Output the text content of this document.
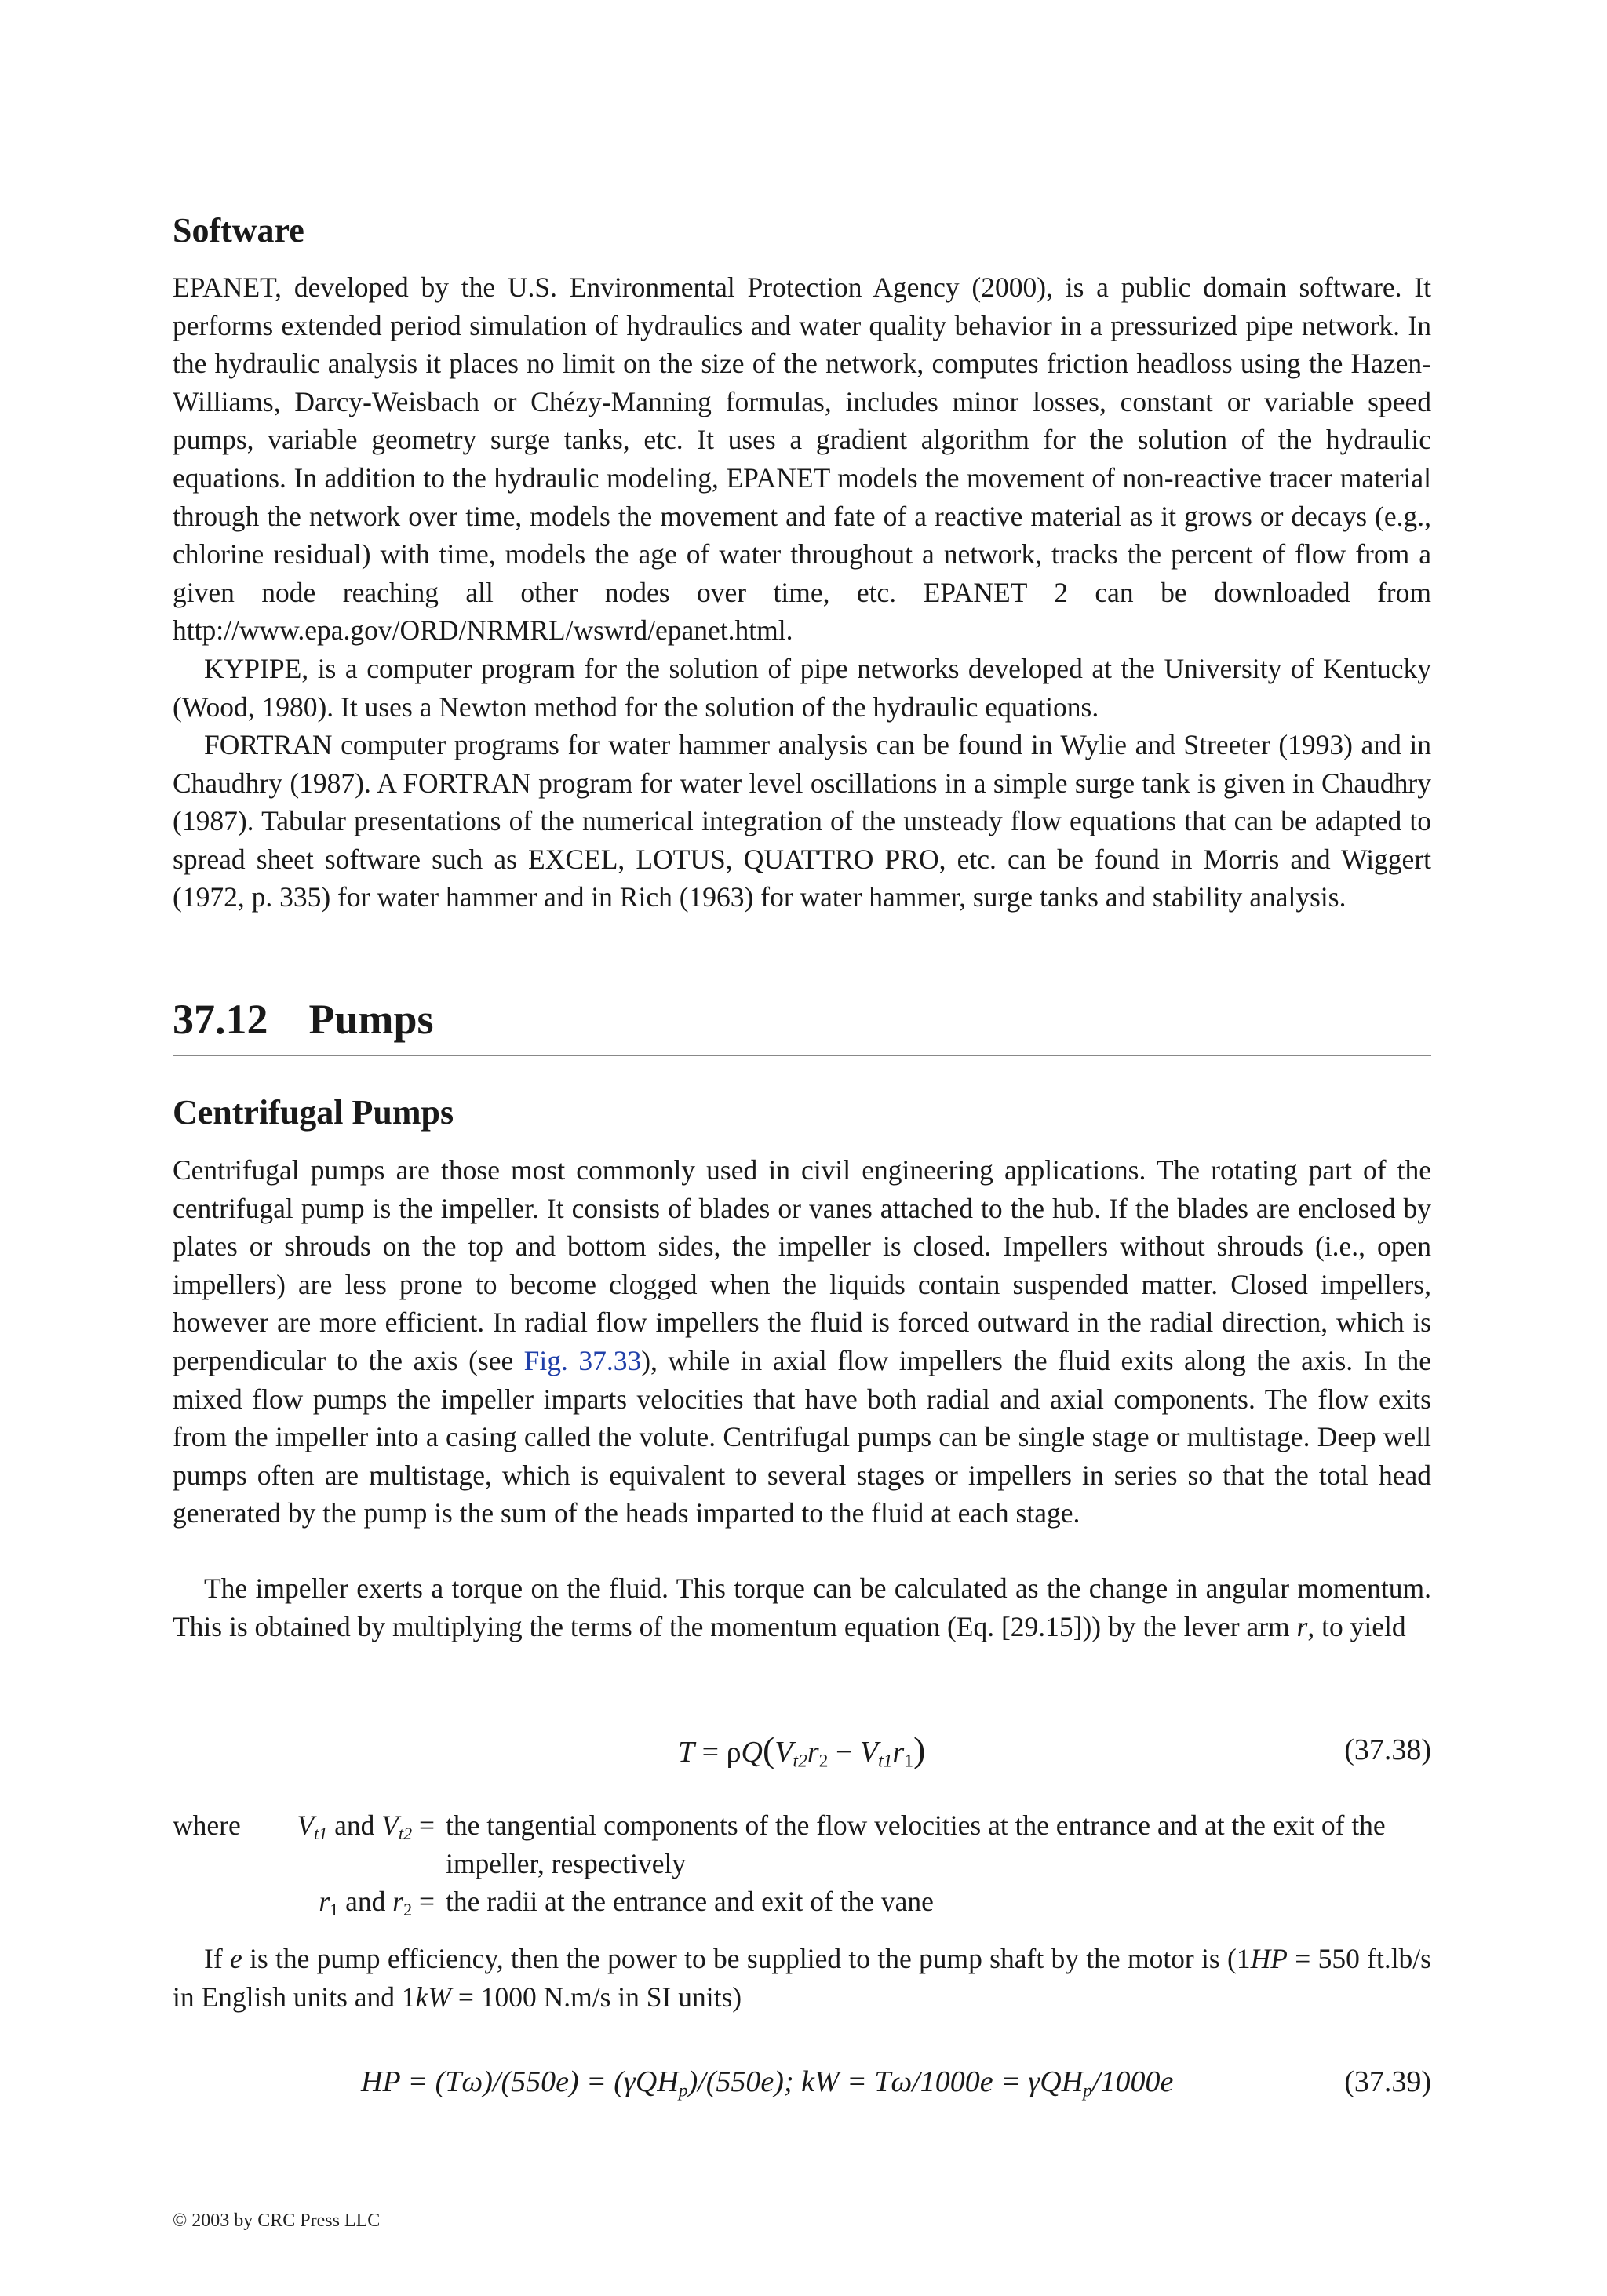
Software

EPANET, developed by the U.S. Environmental Protection Agency (2000), is a public domain software. It performs extended period simulation of hydraulics and water quality behavior in a pressurized pipe network. In the hydraulic analysis it places no limit on the size of the network, computes friction headloss using the Hazen-Williams, Darcy-Weisbach or Chézy-Manning formulas, includes minor losses, constant or variable speed pumps, variable geometry surge tanks, etc. It uses a gradient algorithm for the solution of the hydraulic equations. In addition to the hydraulic modeling, EPANET models the movement of non-reactive tracer material through the network over time, models the movement and fate of a reactive material as it grows or decays (e.g., chlorine residual) with time, models the age of water throughout a network, tracks the percent of flow from a given node reaching all other nodes over time, etc. EPANET 2 can be downloaded from http://www.epa.gov/ORD/NRMRL/wswrd/epanet.html.

KYPIPE, is a computer program for the solution of pipe networks developed at the University of Kentucky (Wood, 1980). It uses a Newton method for the solution of the hydraulic equations.

FORTRAN computer programs for water hammer analysis can be found in Wylie and Streeter (1993) and in Chaudhry (1987). A FORTRAN program for water level oscillations in a simple surge tank is given in Chaudhry (1987). Tabular presentations of the numerical integration of the unsteady flow equations that can be adapted to spread sheet software such as EXCEL, LOTUS, QUATTRO PRO, etc. can be found in Morris and Wiggert (1972, p. 335) for water hammer and in Rich (1963) for water hammer, surge tanks and stability analysis.

37.12 Pumps
Centrifugal Pumps

Centrifugal pumps are those most commonly used in civil engineering applications. The rotating part of the centrifugal pump is the impeller. It consists of blades or vanes attached to the hub. If the blades are enclosed by plates or shrouds on the top and bottom sides, the impeller is closed. Impellers without shrouds (i.e., open impellers) are less prone to become clogged when the liquids contain suspended matter. Closed impellers, however are more efficient. In radial flow impellers the fluid is forced outward in the radial direction, which is perpendicular to the axis (see Fig. 37.33), while in axial flow impellers the fluid exits along the axis. In the mixed flow pumps the impeller imparts velocities that have both radial and axial components. The flow exits from the impeller into a casing called the volute. Centrifugal pumps can be single stage or multistage. Deep well pumps often are multistage, which is equivalent to several stages or impellers in series so that the total head generated by the pump is the sum of the heads imparted to the fluid at each stage.

The impeller exerts a torque on the fluid. This torque can be calculated as the change in angular momentum. This is obtained by multiplying the terms of the momentum equation (Eq. [29.15])) by the lever arm r, to yield

$T = \rho Q(V_{t2}r_2 - V_{t1}r_1)$	(37.38)
where $V_{t1}$ and $V_{t2}$ = the tangential components of the flow velocities at the entrance and at the exit of the impeller, respectively
$r_1$ and $r_2$ = the radii at the entrance and exit of the vane

If e is the pump efficiency, then the power to be supplied to the pump shaft by the motor is (1HP = 550 ft.lb/s in English units and 1kW = 1000 N.m/s in SI units)

HP = (Tω)/(550e) = (γQH$_p$)/(550e); kW = Tω/1000e = γQH$_p$/1000e	(37.39)
© 2003 by CRC Press LLC
